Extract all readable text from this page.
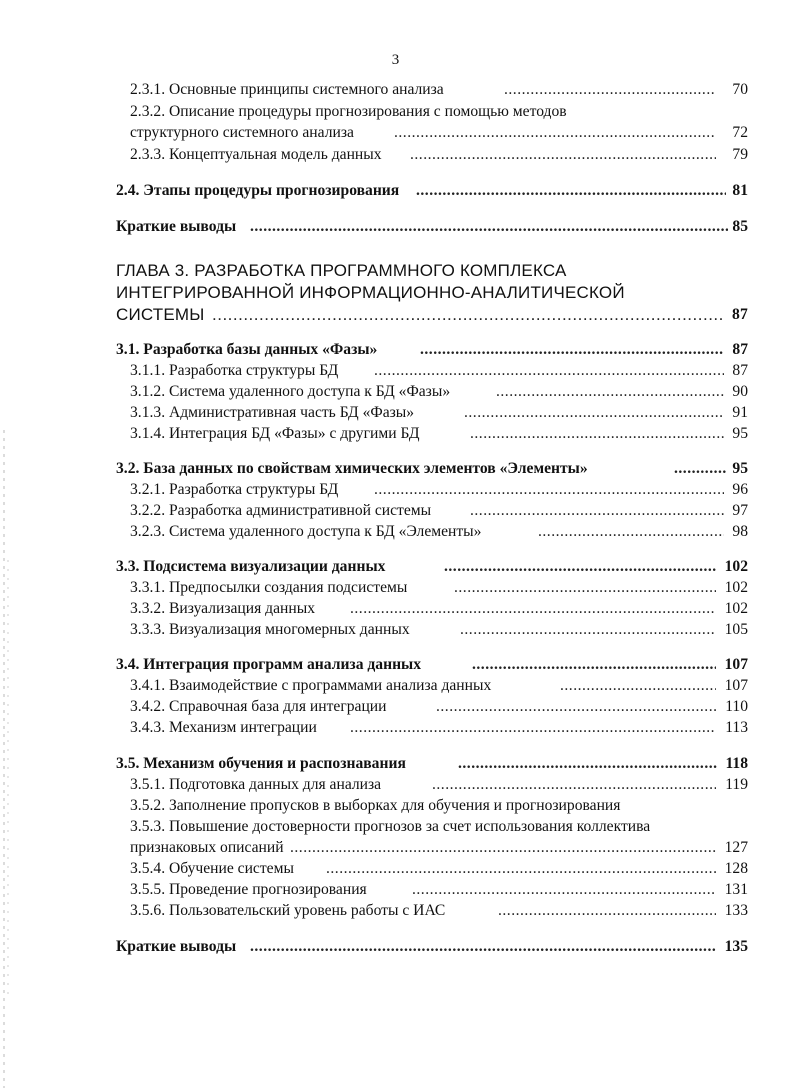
3
2.3.1. Основные принципы системного анализа .....	70
2.3.2. Описание процедуры прогнозирования с помощью методов
структурного системного анализа .....	72
2.3.3. Концептуальная модель данных .....	79
2.4. Этапы процедуры прогнозирования .....	81
Краткие выводы .....	85
ГЛАВА 3. РАЗРАБОТКА ПРОГРАММНОГО КОМПЛЕКСА
ИНТЕГРИРОВАННОЙ ИНФОРМАЦИОННО-АНАЛИТИЧЕСКОЙ
СИСТЕМЫ .....	87
3.1. Разработка базы данных «Фазы» .....	87
3.1.1. Разработка структуры БД .....	87
3.1.2. Система удаленного доступа к БД «Фазы» .....	90
3.1.3. Административная часть БД «Фазы» .....	91
3.1.4. Интеграция БД «Фазы» с другими БД .....	95
3.2. База данных по свойствам химических элементов «Элементы» .....	95
3.2.1. Разработка структуры БД .....	96
3.2.2. Разработка административной системы .....	97
3.2.3. Система удаленного доступа к БД «Элементы» .....	98
3.3. Подсистема визуализации данных .....	102
3.3.1. Предпосылки создания подсистемы .....	102
3.3.2. Визуализация данных .....	102
3.3.3. Визуализация многомерных данных .....	105
3.4. Интеграция программ анализа данных .....	107
3.4.1. Взаимодействие с программами анализа данных .....	107
3.4.2. Справочная база для интеграции .....	110
3.4.3. Механизм интеграции .....	113
3.5. Механизм обучения и распознавания .....	118
3.5.1. Подготовка данных для анализа .....	119
3.5.2. Заполнение пропусков в выборках для обучения и прогнозирования
3.5.3. Повышение достоверности прогнозов за счет использования коллектива
признаковых описаний .....	127
3.5.4. Обучение системы .....	128
3.5.5. Проведение прогнозирования .....	131
3.5.6. Пользовательский уровень работы с ИАС .....	133
Краткие выводы .....	135
